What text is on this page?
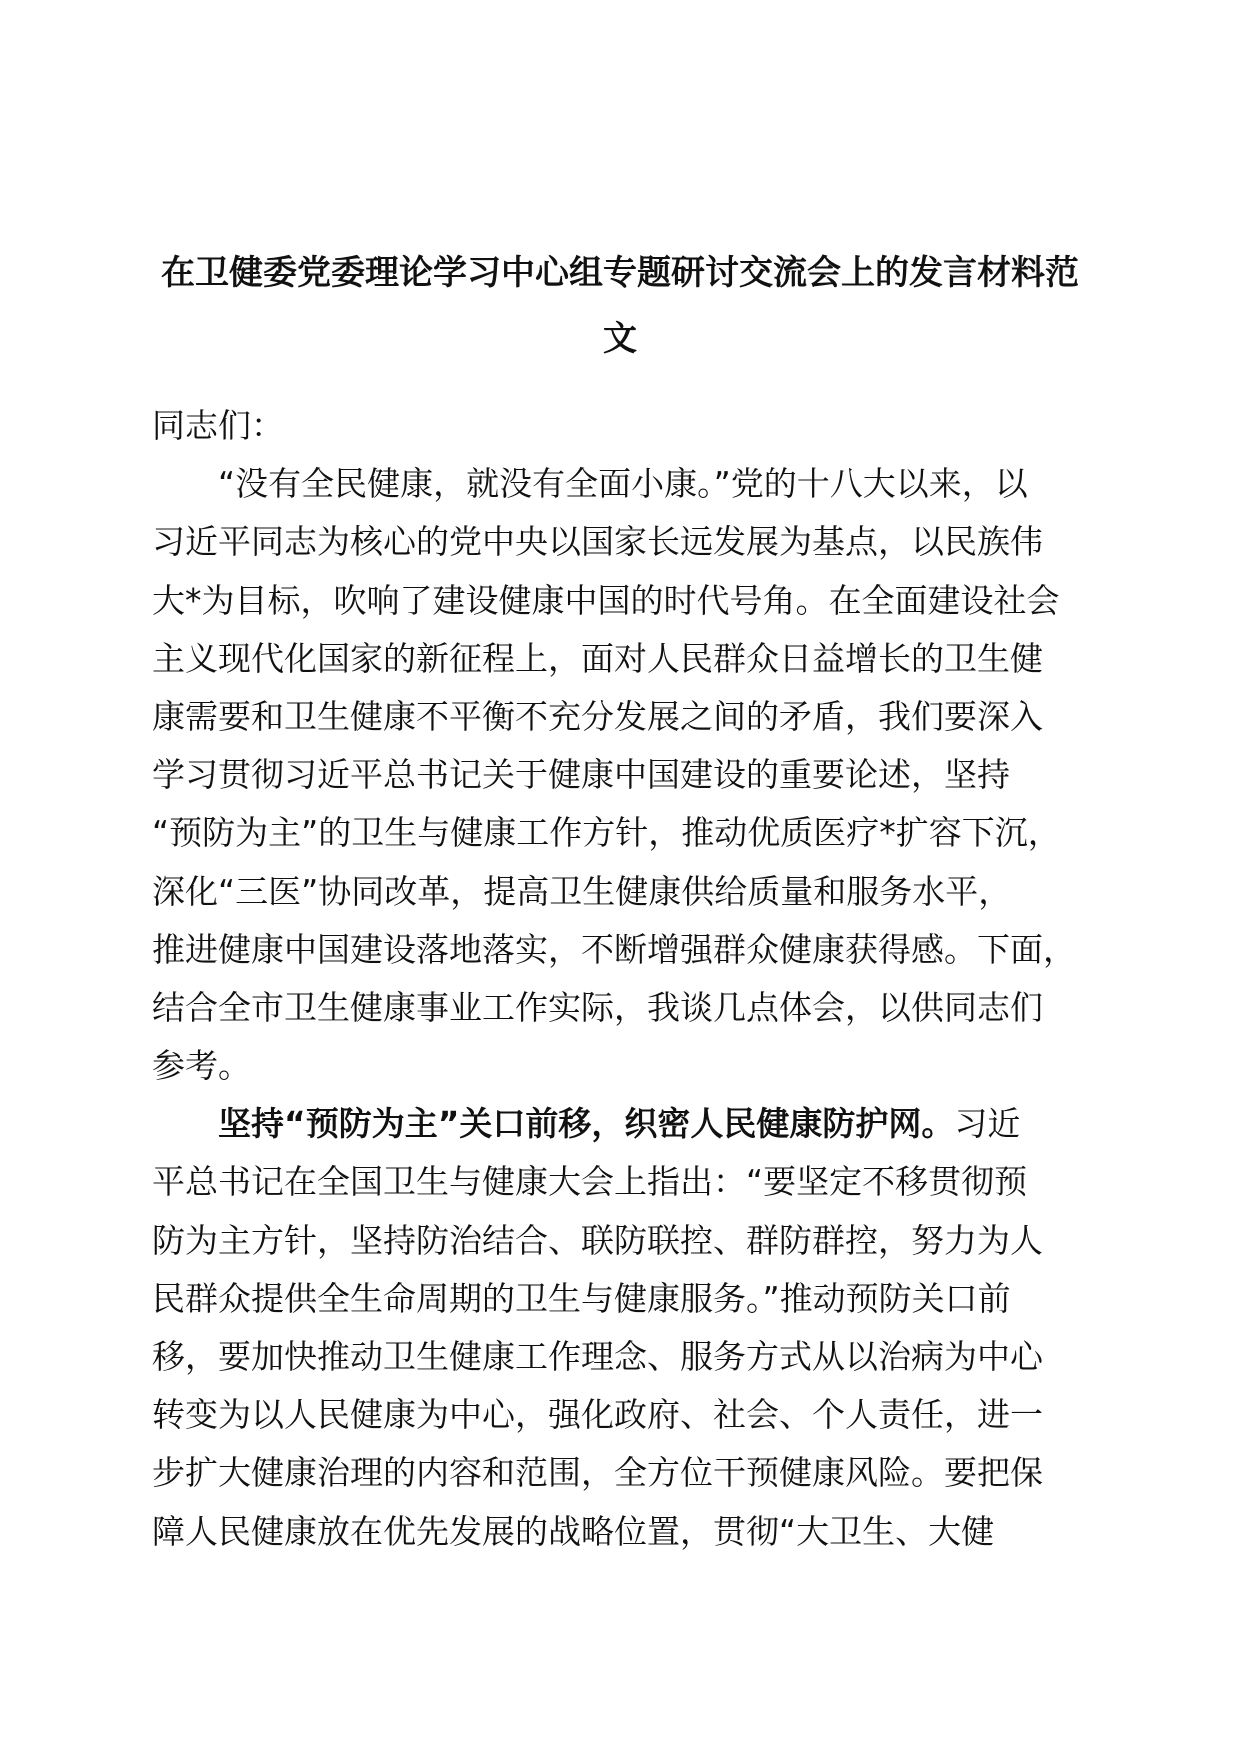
在卫健委党委理论学习中心组专题研讨交流会上的发言材料范
文
同志们：
“没有全民健康，就没有全面小康。”党的十八大以来，以
习近平同志为核心的党中央以国家长远发展为基点，以民族伟
大*为目标，吹响了建设健康中国的时代号角。在全面建设社会
主义现代化国家的新征程上，面对人民群众日益增长的卫生健
康需要和卫生健康不平衡不充分发展之间的矛盾，我们要深入
学习贯彻习近平总书记关于健康中国建设的重要论述，坚持
“预防为主”的卫生与健康工作方针，推动优质医疗*扩容下沉，
深化“三医”协同改革，提高卫生健康供给质量和服务水平，
推进健康中国建设落地落实，不断增强群众健康获得感。下面，
结合全市卫生健康事业工作实际，我谈几点体会，以供同志们
参考。
坚持“预防为主”关口前移，织密人民健康防护网。习近
平总书记在全国卫生与健康大会上指出：“要坚定不移贯彻预
防为主方针，坚持防治结合、联防联控、群防群控，努力为人
民群众提供全生命周期的卫生与健康服务。”推动预防关口前
移，要加快推动卫生健康工作理念、服务方式从以治病为中心
转变为以人民健康为中心，强化政府、社会、个人责任，进一
步扩大健康治理的内容和范围，全方位干预健康风险。要把保
障人民健康放在优先发展的战略位置，贯彻“大卫生、大健
